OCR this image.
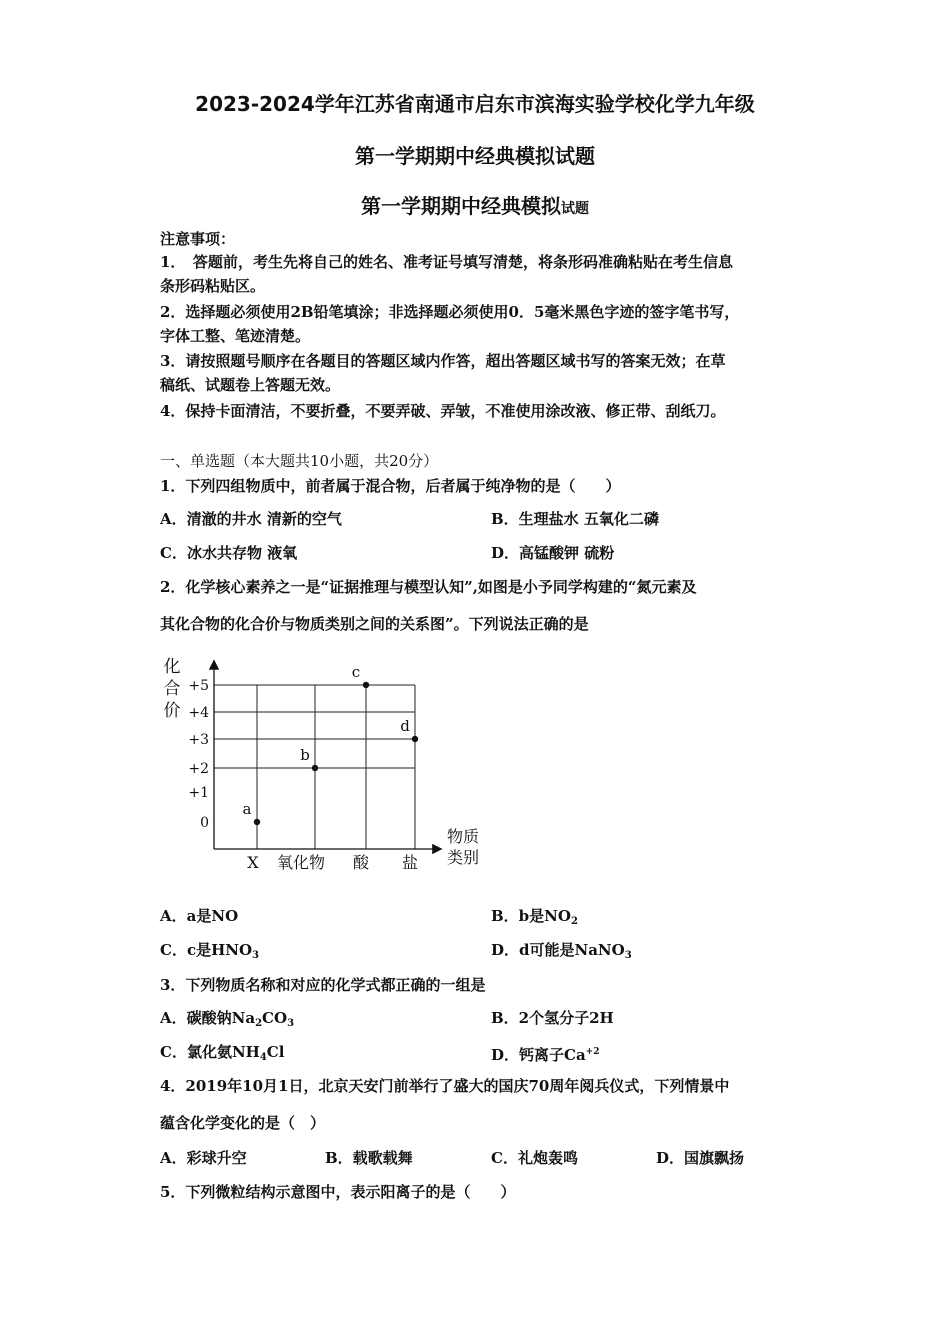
2023-2024学年江苏省南通市启东市滨海实验学校化学九年级
第一学期期中经典模拟试题
第一学期期中经典模拟试题
注意事项：
1．　答题前，考生先将自己的姓名、准考证号填写清楚，将条形码准确粘贴在考生信息
条形码粘贴区。
2．选择题必须使用2B铅笔填涂；非选择题必须使用0．5毫米黑色字迹的签字笔书写，
字体工整、笔迹清楚。
3．请按照题号顺序在各题目的答题区域内作答，超出答题区域书写的答案无效；在草
稿纸、试题卷上答题无效。
4．保持卡面清洁，不要折叠，不要弄破、弄皱，不准使用涂改液、修正带、刮纸刀。
一、单选题（本大题共10小题，共20分）
1．下列四组物质中，前者属于混合物，后者属于纯净物的是（　　）
A．清澈的井水 清新的空气	B．生理盐水 五氧化二磷
C．冰水共存物 液氧	D．高锰酸钾 硫粉
2．化学核心素养之一是“证据推理与模型认知”,如图是小予同学构建的“氮元素及
其化合物的化合价与物质类别之间的关系图”。下列说法正确的是
化
合
价
+5
+4
+3
+2
+1
0
X 氧化物 酸 盐
物质
类别
a
b
c
d
A．a是NO	B．b是$NO_2$
C．c是$HNO_3$	D．d可能是NaNO$_3$
3．下列物质名称和对应的化学式都正确的一组是
A．碳酸钠$Na_2CO_3$	B．2个氢分子2H
C．氯化氨$NH_4Cl$	D．钙离子$Ca^{+2}$
4．2019年10月1日，北京天安门前举行了盛大的国庆70周年阅兵仪式，下列情景中
蕴含化学变化的是（　）
A．彩球升空	B．载歌载舞	C．礼炮轰鸣	D．国旗飘扬
5．下列微粒结构示意图中，表示阳离子的是（　　）
